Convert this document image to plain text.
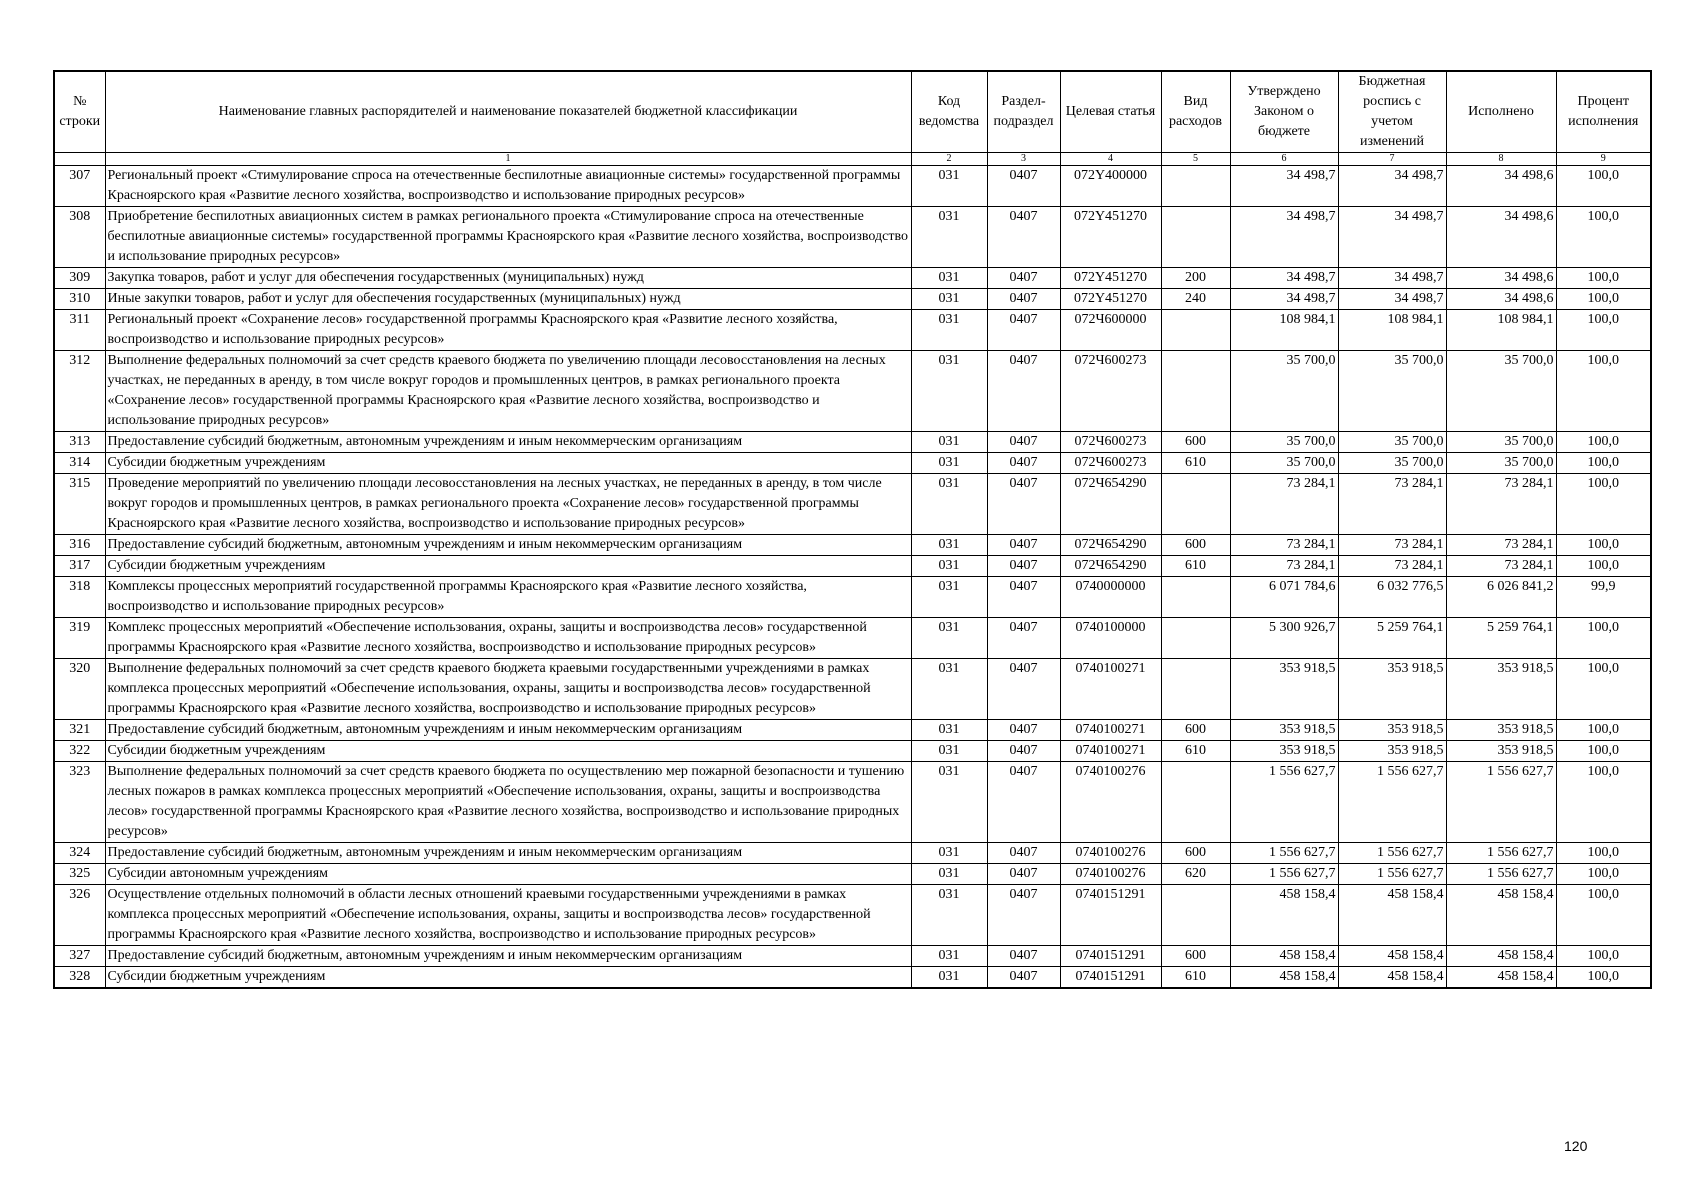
№ строки	Наименование главных распорядителей и наименование показателей бюджетной классификации	Код ведомства	Раздел-подраздел	Целевая статья	Вид расходов	Утверждено Законом о бюджете	Бюджетная роспись с учетом изменений	Исполнено	Процент исполнения
	1	2	3	4	5	6	7	8	9
307	Региональный проект «Стимулирование спроса на отечественные беспилотные авиационные системы» государственной программы Красноярского края «Развитие лесного хозяйства, воспроизводство и использование природных ресурсов»	031	0407	072Y400000		34 498,7	34 498,7	34 498,6	100,0
308	Приобретение беспилотных авиационных систем в рамках регионального проекта «Стимулирование спроса на отечественные беспилотные авиационные системы» государственной программы Красноярского края «Развитие лесного хозяйства, воспроизводство и использование природных ресурсов»	031	0407	072Y451270		34 498,7	34 498,7	34 498,6	100,0
309	Закупка товаров, работ и услуг для обеспечения государственных (муниципальных) нужд	031	0407	072Y451270	200	34 498,7	34 498,7	34 498,6	100,0
310	Иные закупки товаров, работ и услуг для обеспечения государственных (муниципальных) нужд	031	0407	072Y451270	240	34 498,7	34 498,7	34 498,6	100,0
311	Региональный проект «Сохранение лесов» государственной программы Красноярского края «Развитие лесного хозяйства, воспроизводство и использование природных ресурсов»	031	0407	072Ч600000		108 984,1	108 984,1	108 984,1	100,0
312	Выполнение федеральных полномочий за счет средств краевого бюджета по увеличению площади лесовосстановления на лесных участках, не переданных в аренду, в том числе вокруг городов и промышленных центров, в рамках регионального проекта «Сохранение лесов» государственной программы Красноярского края «Развитие лесного хозяйства, воспроизводство и использование природных ресурсов»	031	0407	072Ч600273		35 700,0	35 700,0	35 700,0	100,0
313	Предоставление субсидий бюджетным, автономным учреждениям и иным некоммерческим организациям	031	0407	072Ч600273	600	35 700,0	35 700,0	35 700,0	100,0
314	Субсидии бюджетным учреждениям	031	0407	072Ч600273	610	35 700,0	35 700,0	35 700,0	100,0
315	Проведение мероприятий по увеличению площади лесовосстановления на лесных участках, не переданных в аренду, в том числе вокруг городов и промышленных центров, в рамках регионального проекта «Сохранение лесов» государственной программы Красноярского края «Развитие лесного хозяйства, воспроизводство и использование природных ресурсов»	031	0407	072Ч654290		73 284,1	73 284,1	73 284,1	100,0
316	Предоставление субсидий бюджетным, автономным учреждениям и иным некоммерческим организациям	031	0407	072Ч654290	600	73 284,1	73 284,1	73 284,1	100,0
317	Субсидии бюджетным учреждениям	031	0407	072Ч654290	610	73 284,1	73 284,1	73 284,1	100,0
318	Комплексы процессных мероприятий государственной программы Красноярского края «Развитие лесного хозяйства, воспроизводство и использование природных ресурсов»	031	0407	0740000000		6 071 784,6	6 032 776,5	6 026 841,2	99,9
319	Комплекс процессных мероприятий «Обеспечение использования, охраны, защиты и воспроизводства лесов» государственной программы Красноярского края «Развитие лесного хозяйства, воспроизводство и использование природных ресурсов»	031	0407	0740100000		5 300 926,7	5 259 764,1	5 259 764,1	100,0
320	Выполнение федеральных полномочий за счет средств краевого бюджета краевыми государственными учреждениями в рамках комплекса процессных мероприятий «Обеспечение использования, охраны, защиты и воспроизводства лесов» государственной программы Красноярского края «Развитие лесного хозяйства, воспроизводство и использование природных ресурсов»	031	0407	0740100271		353 918,5	353 918,5	353 918,5	100,0
321	Предоставление субсидий бюджетным, автономным учреждениям и иным некоммерческим организациям	031	0407	0740100271	600	353 918,5	353 918,5	353 918,5	100,0
322	Субсидии бюджетным учреждениям	031	0407	0740100271	610	353 918,5	353 918,5	353 918,5	100,0
323	Выполнение федеральных полномочий за счет средств краевого бюджета по осуществлению мер пожарной безопасности и тушению лесных пожаров в рамках комплекса процессных мероприятий «Обеспечение использования, охраны, защиты и воспроизводства лесов» государственной программы Красноярского края «Развитие лесного хозяйства, воспроизводство и использование природных ресурсов»	031	0407	0740100276		1 556 627,7	1 556 627,7	1 556 627,7	100,0
324	Предоставление субсидий бюджетным, автономным учреждениям и иным некоммерческим организациям	031	0407	0740100276	600	1 556 627,7	1 556 627,7	1 556 627,7	100,0
325	Субсидии автономным учреждениям	031	0407	0740100276	620	1 556 627,7	1 556 627,7	1 556 627,7	100,0
326	Осуществление отдельных полномочий в области лесных отношений краевыми государственными учреждениями в рамках комплекса процессных мероприятий «Обеспечение использования, охраны, защиты и воспроизводства лесов» государственной программы Красноярского края «Развитие лесного хозяйства, воспроизводство и использование природных ресурсов»	031	0407	0740151291		458 158,4	458 158,4	458 158,4	100,0
327	Предоставление субсидий бюджетным, автономным учреждениям и иным некоммерческим организациям	031	0407	0740151291	600	458 158,4	458 158,4	458 158,4	100,0
328	Субсидии бюджетным учреждениям	031	0407	0740151291	610	458 158,4	458 158,4	458 158,4	100,0
120
